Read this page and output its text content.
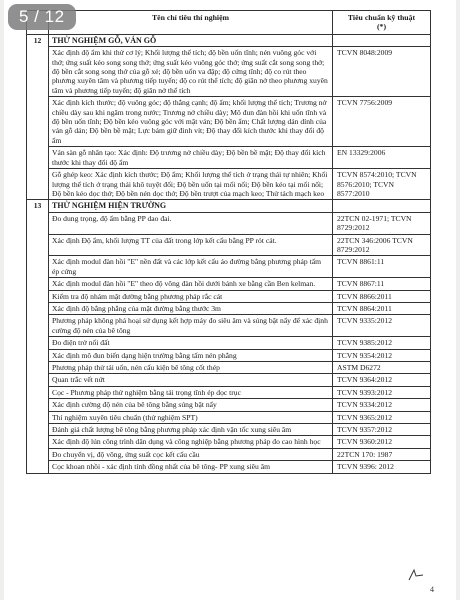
5 / 12
		Tên chỉ tiêu thí nghiệm	Tiêu chuẩn kỹ thuật
(*)
12	THỬ NGHIỆM GỖ, VÁN GỖ	
	Xác định độ ẩm khi thử cơ lý; Khối lượng thể tích; độ bền uốn tĩnh; nén vuông góc với thớ; ứng suất kéo song song thớ; ứng suất kéo vuông góc thớ; ứng suất cắt song song thớ; độ bền cắt song song thớ của gỗ xẻ; độ bền uốn va đập; độ cứng tĩnh; độ co rút theo phương xuyên tâm và phương tiếp tuyến; độ co rút thể tích; độ giãn nở theo phương xuyên tâm và phương tiếp tuyến; độ giãn nở thể tích	TCVN 8048:2009
	Xác định kích thước; độ vuông góc; độ thẳng cạnh; độ ẩm; khối lượng thể tích; Trương nở chiều dày sau khi ngâm trong nước; Trương nở chiều dày; Mô đun đàn hồi khi uốn tĩnh và độ bền uốn tĩnh; Độ bền kéo vuông góc với mặt ván; Độ bền ẩm; Chất lượng dán dính của ván gỗ dán; Độ bền bề mặt; Lực bám giữ đinh vít; Độ thay đổi kích thước khi thay đổi độ ẩm	TCVN 7756:2009
	Ván sàn gỗ nhân tạo: Xác định: Độ trương nở chiều dày; Độ bền bề mặt; Độ thay đổi kích thước khi thay đổi độ ẩm	EN 13329:2006
	Gỗ ghép keo: Xác định kích thước; Độ ẩm; Khối lượng thể tích ở trạng thái tự nhiên; Khối lượng thể tích ở trạng thái khô tuyệt đối; Độ bền uốn tại mối nối; Độ bền kéo tại mối nối; Độ bền kéo dọc thớ; Độ bền nén dọc thớ; Độ bền trượt của mạch keo; Thử tách mạch keo	TCVN 8574:2010; TCVN 8576:2010; TCVN 8577:2010
13	THỬ NGHIỆM HIỆN TRƯỜNG	
	Đo dung trọng, độ ẩm bằng PP dao đai.	22TCN 02-1971; TCVN 8729:2012
	Xác định Độ ẩm, khối lượng TT của đất trong lớp kết cấu bằng PP rót cát.	22TCN 346:2006 TCVN 8729:2012
	Xác định modul đàn hồi "E" nền đất và các lớp kết cấu áo đường bằng phương pháp tấm ép cứng	TCVN 8861:11
	Xác định modul đàn hồi "E" theo độ võng đàn hồi dưới bánh xe bằng cần Ben kelman.	TCVN 8867:11
	Kiểm tra độ nhám mặt đường bằng phương pháp rắc cát	TCVN 8866:2011
	Xác định độ bằng phẳng của mặt đường bằng thước 3m	TCVN 8864:2011
	Phương pháp không phá hoại sử dụng kết hợp máy đo siêu âm và súng bật nẩy để xác định cường độ nén của bê tông	TCVN 9335:2012
	Đo điện trở nối đất	TCVN 9385:2012
	Xác định mô đun biến dạng hiện trường bằng tấm nén phẳng	TCVN 9354:2012
	Phương pháp thử tải uốn, nén cấu kiện bê tông cốt thép	ASTM D6272
	Quan trắc vết nứt	TCVN 9364:2012
	Cọc - Phương pháp thử nghiệm bằng tải trọng tĩnh ép dọc trục	TCVN 9393:2012
	Xác định cường độ nén của bê tông bằng súng bật nẩy	TCVN 9334:2012
	Thí nghiệm xuyên tiêu chuẩn (thử nghiệm SPT)	TCVN 9365:2012
	Đánh giá chất lượng bê tông bằng phương pháp xác định vận tốc xung siêu âm	TCVN 9357:2012
	Xác định độ lún công trình dân dụng và công nghiệp bằng phương pháp đo cao hình học	TCVN 9360:2012
	Đo chuyển vị, độ võng, ứng suất cọc kết cấu cầu	22TCN 170: 1987
	Cọc khoan nhồi - xác định tính đồng nhất của bê tông- PP xung siêu âm	TCVN 9396: 2012
4
